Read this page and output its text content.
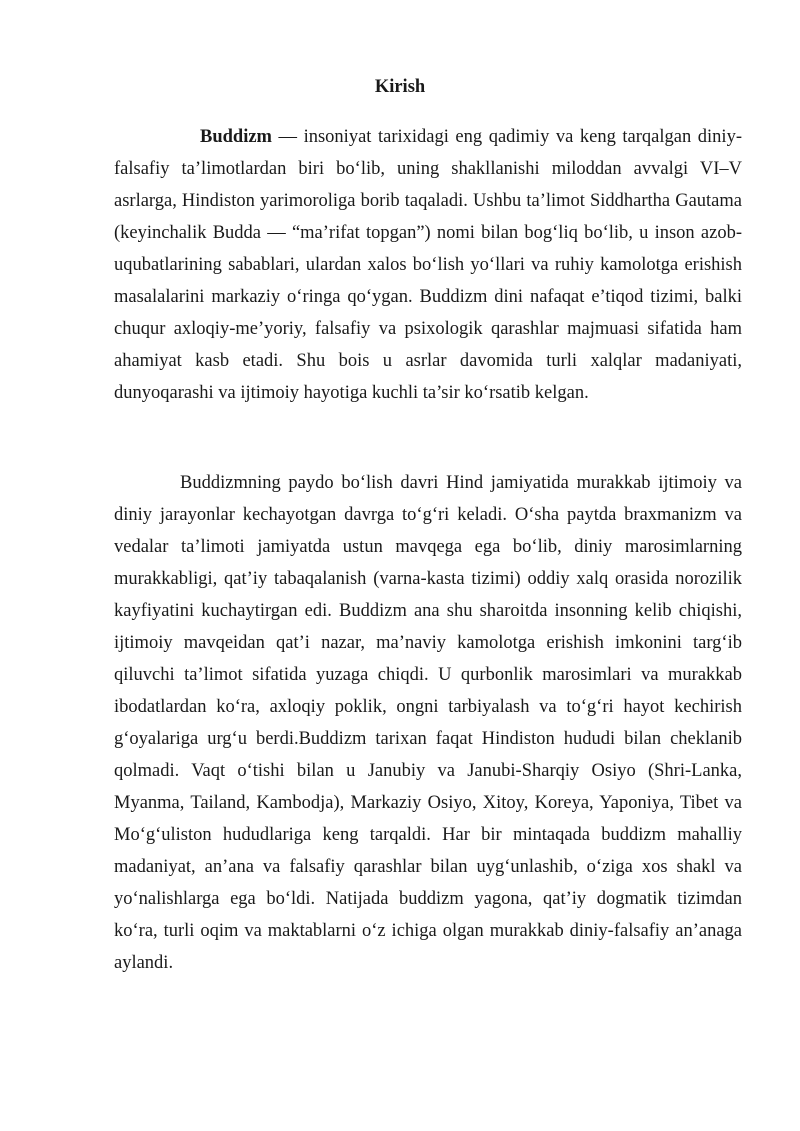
Kirish

Buddizm — insoniyat tarixidagi eng qadimiy va keng tarqalgan diniy-falsafiy ta’limotlardan biri bo‘lib, uning shakllanishi miloddan avvalgi VI–V asrlarga, Hindiston yarimoroliga borib taqaladi. Ushbu ta’limot Siddhartha Gautama (keyinchalik Budda — “ma’rifat topgan”) nomi bilan bog‘liq bo‘lib, u inson azob-uqubatlarining sabablari, ulardan xalos bo‘lish yo‘llari va ruhiy kamolotga erishish masalalarini markaziy o‘ringa qo‘ygan. Buddizm dini nafaqat e’tiqod tizimi, balki chuqur axloqiy-me’yoriy, falsafiy va psixologik qarashlar majmuasi sifatida ham ahamiyat kasb etadi. Shu bois u asrlar davomida turli xalqlar madaniyati, dunyoqarashi va ijtimoiy hayotiga kuchli ta’sir ko‘rsatib kelgan.

Buddizmning paydo bo‘lish davri Hind jamiyatida murakkab ijtimoiy va diniy jarayonlar kechayotgan davrga to‘g‘ri keladi. O‘sha paytda braxmanizm va vedalar ta’limoti jamiyatda ustun mavqega ega bo‘lib, diniy marosimlarning murakkabligi, qat’iy tabaqalanish (varna-kasta tizimi) oddiy xalq orasida norozilik kayfiyatini kuchaytirgan edi. Buddizm ana shu sharoitda insonning kelib chiqishi, ijtimoiy mavqeidan qat’i nazar, ma’naviy kamolotga erishish imkonini targ‘ib qiluvchi ta’limot sifatida yuzaga chiqdi. U qurbonlik marosimlari va murakkab ibodatlardan ko‘ra, axloqiy poklik, ongni tarbiyalash va to‘g‘ri hayot kechirish g‘oyalariga urg‘u berdi.Buddizm tarixan faqat Hindiston hududi bilan cheklanib qolmadi. Vaqt o‘tishi bilan u Janubiy va Janubi-Sharqiy Osiyo (Shri-Lanka, Myanma, Tailand, Kambodja), Markaziy Osiyo, Xitoy, Koreya, Yaponiya, Tibet va Mo‘g‘uliston hududlariga keng tarqaldi. Har bir mintaqada buddizm mahalliy madaniyat, an’ana va falsafiy qarashlar bilan uyg‘unlashib, o‘ziga xos shakl va yo‘nalishlarga ega bo‘ldi. Natijada buddizm yagona, qat’iy dogmatik tizimdan ko‘ra, turli oqim va maktablarni o‘z ichiga olgan murakkab diniy-falsafiy an’anaga aylandi.
